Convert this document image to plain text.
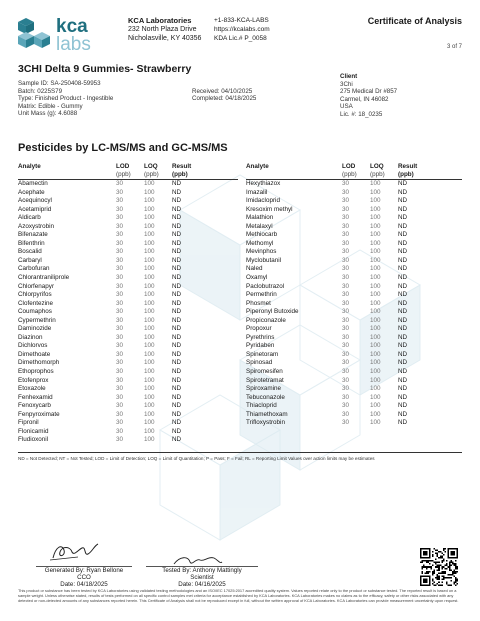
kca
labs
KCA Laboratories
232 North Plaza Drive
Nicholasville, KY 40356
+1-833-KCA-LABS
https://kcalabs.com
KDA Lic.# P_0058
Certificate of Analysis
3 of 7
3CHI Delta 9 Gummies- Strawberry
Sample ID: SA-250408-59953
Batch: 0225S79
Type: Finished Product - Ingestible
Matrix: Edible - Gummy
Unit Mass (g): 4.6088
Received: 04/10/2025
Completed: 04/18/2025
Client
3Chi
275 Medical Dr #857
Carmel, IN 46082
USA
Lic. #: 18_0235
Pesticides by LC-MS/MS and GC-MS/MS
Analyte	LOD	LOQ	Result
	(ppb)	(ppb)	(ppb)
Abamectin	30	100	ND
Acephate	30	100	ND
Acequinocyl	30	100	ND
Acetamiprid	30	100	ND
Aldicarb	30	100	ND
Azoxystrobin	30	100	ND
Bifenazate	30	100	ND
Bifenthrin	30	100	ND
Boscalid	30	100	ND
Carbaryl	30	100	ND
Carbofuran	30	100	ND
Chlorantraniliprole	30	100	ND
Chlorfenapyr	30	100	ND
Chlorpyrifos	30	100	ND
Clofentezine	30	100	ND
Coumaphos	30	100	ND
Cypermethrin	30	100	ND
Daminozide	30	100	ND
Diazinon	30	100	ND
Dichlorvos	30	100	ND
Dimethoate	30	100	ND
Dimethomorph	30	100	ND
Ethoprophos	30	100	ND
Etofenprox	30	100	ND
Etoxazole	30	100	ND
Fenhexamid	30	100	ND
Fenoxycarb	30	100	ND
Fenpyroximate	30	100	ND
Fipronil	30	100	ND
Flonicamid	30	100	ND
Fludioxonil	30	100	ND
Analyte	LOD	LOQ	Result
	(ppb)	(ppb)	(ppb)
Hexythiazox	30	100	ND
Imazalil	30	100	ND
Imidacloprid	30	100	ND
Kresoxim methyl	30	100	ND
Malathion	30	100	ND
Metalaxyl	30	100	ND
Methiocarb	30	100	ND
Methomyl	30	100	ND
Mevinphos	30	100	ND
Myclobutanil	30	100	ND
Naled	30	100	ND
Oxamyl	30	100	ND
Paclobutrazol	30	100	ND
Permethrin	30	100	ND
Phosmet	30	100	ND
Piperonyl Butoxide	30	100	ND
Propiconazole	30	100	ND
Propoxur	30	100	ND
Pyrethrins	30	100	ND
Pyridaben	30	100	ND
Spinetoram	30	100	ND
Spinosad	30	100	ND
Spiromesifen	30	100	ND
Spirotetramat	30	100	ND
Spiroxamine	30	100	ND
Tebuconazole	30	100	ND
Thiacloprid	30	100	ND
Thiamethoxam	30	100	ND
Trifloxystrobin	30	100	ND
ND = Not Detected; NT = Not Tested; LOD = Limit of Detection; LOQ = Limit of Quantitation; P = Pass; F = Fail; RL = Reporting Limit Values over action limits may be estimates
Generated By: Ryan Bellone
CCO
Date: 04/18/2025
Tested By: Anthony Mattingly
Scientist
Date: 04/16/2025
This product or substance has been tested by KCA Laboratories using validated testing methodologies and an ISO/IEC 17025:2017 accredited quality system. Values reported relate only to the product or substance tested. The reported result is based on a sample weight. Unless otherwise stated, results of tests performed on all specific control samples met criteria for acceptance established by KCA Laboratories. KCA Laboratories makes no claims as to the efficacy, safety or other risks associated with any detected or non-detected amounts of any substances reported herein. This Certificate of Analysis shall not be reproduced except in full, without the written approval of KCA Laboratories. KCA Laboratories can provide measurement uncertainty upon request.
